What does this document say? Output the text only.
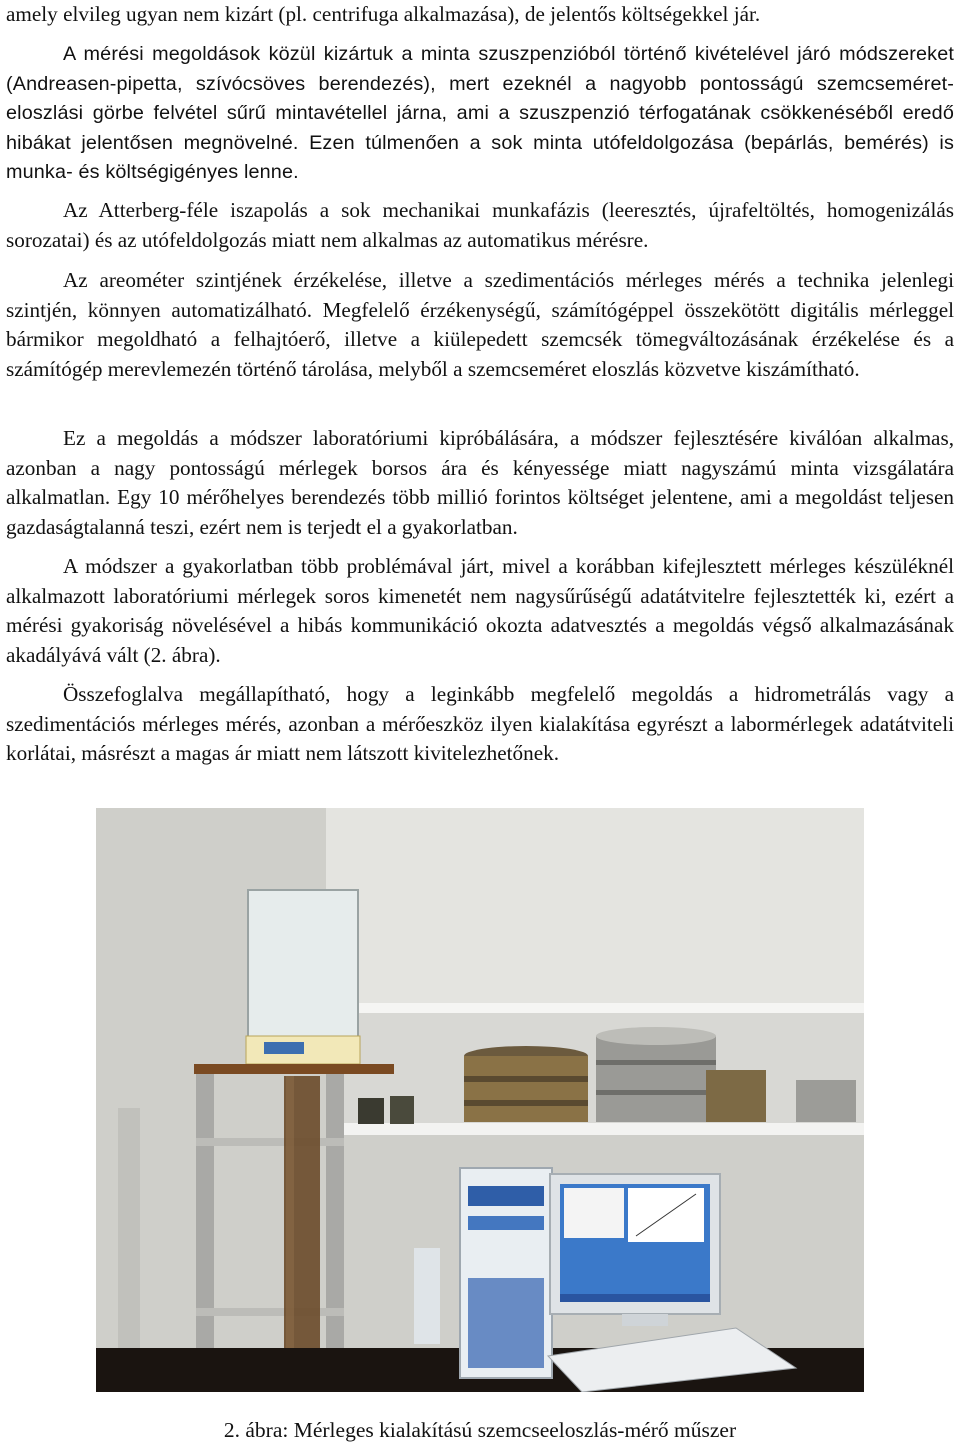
amely elvileg ugyan nem kizárt (pl. centrifuga alkalmazása), de jelentős költségekkel jár.

A mérési megoldások közül kizártuk a minta szuszpenzióból történő kivételével járó módszereket (Andreasen-pipetta, szívócsöves berendezés), mert ezeknél a nagyobb pontosságú szemcseméret-eloszlási görbe felvétel sűrű mintavétellel járna, ami a szuszpenzió térfogatának csökkenéséből eredő hibákat jelentősen megnövelné. Ezen túlmenően a sok minta utófeldolgozása (bepárlás, bemérés) is munka- és költségigényes lenne.

Az Atterberg-féle iszapolás a sok mechanikai munkafázis (leeresztés, újrafeltöltés, homogenizálás sorozatai) és az utófeldolgozás miatt nem alkalmas az automatikus mérésre.

Az areométer szintjének érzékelése, illetve a szedimentációs mérleges mérés a technika jelenlegi szintjén, könnyen automatizálható. Megfelelő érzékenységű, számítógéppel összekötött digitális mérleggel bármikor megoldható a felhajtóerő, illetve a kiülepedett szemcsék tömegváltozásának érzékelése és a számítógép merevlemezén történő tárolása, melyből a szemcseméret eloszlás közvetve kiszámítható.

Ez a megoldás a módszer laboratóriumi kipróbálására, a módszer fejlesztésére kiválóan alkalmas, azonban a nagy pontosságú mérlegek borsos ára és kényessége miatt nagyszámú minta vizsgálatára alkalmatlan. Egy 10 mérőhelyes berendezés több millió forintos költséget jelentene, ami a megoldást teljesen gazdaságtalanná teszi, ezért nem is terjedt el a gyakorlatban.

A módszer a gyakorlatban több problémával járt, mivel a korábban kifejlesztett mérleges készüléknél alkalmazott laboratóriumi mérlegek soros kimenetét nem nagysűrűségű adatátvitelre fejlesztették ki, ezért a mérési gyakoriság növelésével a hibás kommunikáció okozta adatvesztés a megoldás végső alkalmazásának akadályává vált (2. ábra).

Összefoglalva megállapítható, hogy a leginkább megfelelő megoldás a hidrometrálás vagy a szedimentációs mérleges mérés, azonban a mérőeszköz ilyen kialakítása egyrészt a labormérlegek adatátviteli korlátai, másrészt a magas ár miatt nem látszott kivitelezhetőnek.

2. ábra: Mérleges kialakítású szemcseeloszlás-mérő műszer
